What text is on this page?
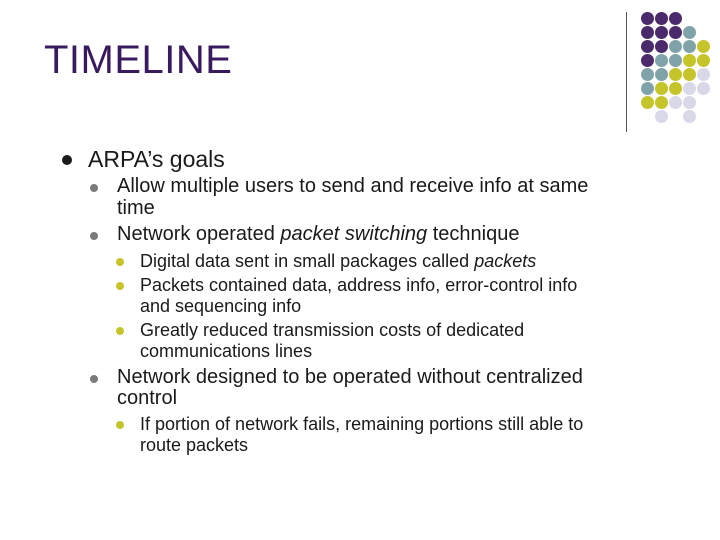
TIMELINE
ARPA’s goals
Allow multiple users to send and receive info at same
time
Network operated packet switching technique
Digital data sent in small packages called packets
Packets contained data, address info, error-control info
and sequencing info
Greatly reduced transmission costs of dedicated
communications lines
Network designed to be operated without centralized
control
If portion of network fails, remaining portions still able to
route packets
